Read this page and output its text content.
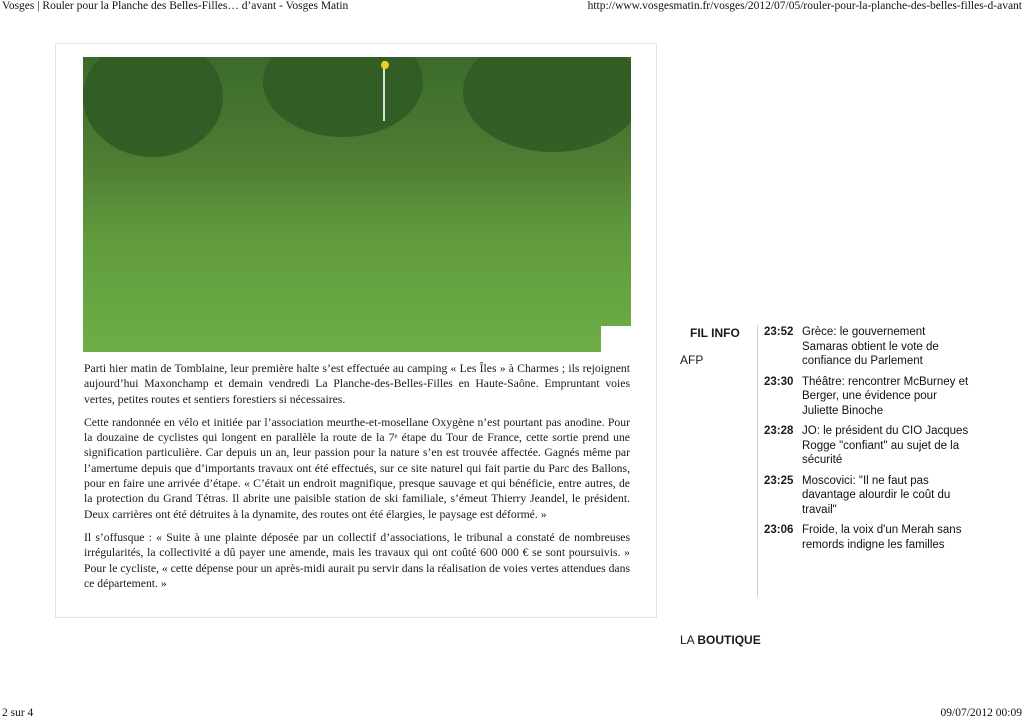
Vosges | Rouler pour la Planche des Belles-Filles… d’avant - Vosges Matin	http://www.vosgesmatin.fr/vosges/2012/07/05/rouler-pour-la-planche-des-belles-filles-d-avant

Parti hier matin de Tomblaine, leur première halte s’est effectuée au camping « Les Îles » à Charmes ; ils rejoignent aujourd’hui Maxonchamp et demain vendredi La Planche-des-Belles-Filles en Haute-Saône. Empruntant voies vertes, petites routes et sentiers forestiers si nécessaires.

Cette randonnée en vélo et initiée par l’association meurthe-et-mosellane Oxygène n’est pourtant pas anodine. Pour la douzaine de cyclistes qui longent en parallèle la route de la 7ᵉ étape du Tour de France, cette sortie prend une signification particulière. Car depuis un an, leur passion pour la nature s’en est trouvée affectée. Gagnés même par l’amertume depuis que d’importants travaux ont été effectués, sur ce site naturel qui fait partie du Parc des Ballons, pour en faire une arrivée d’étape. « C’était un endroit magnifique, presque sauvage et qui bénéficie, entre autres, de la protection du Grand Tétras. Il abrite une paisible station de ski familiale, s’émeut Thierry Jeandel, le président. Deux carrières ont été détruites à la dynamite, des routes ont été élargies, le paysage est déformé. »

Il s’offusque : « Suite à une plainte déposée par un collectif d’associations, le tribunal a constaté de nombreuses irrégularités, la collectivité a dû payer une amende, mais les travaux qui ont coûté 600 000 € se sont poursuivis. » Pour le cycliste, « cette dépense pour un après-midi aurait pu servir dans la réalisation de voies vertes attendues dans ce département. »

FIL INFO
AFP
23:52 Grèce: le gouvernement Samaras obtient le vote de confiance du Parlement
23:30 Théâtre: rencontrer McBurney et Berger, une évidence pour Juliette Binoche
23:28 JO: le président du CIO Jacques Rogge "confiant" au sujet de la sécurité
23:25 Moscovici: "Il ne faut pas davantage alourdir le coût du travail"
23:06 Froide, la voix d'un Merah sans remords indigne les familles
LA BOUTIQUE
2 sur 4	09/07/2012 00:09
